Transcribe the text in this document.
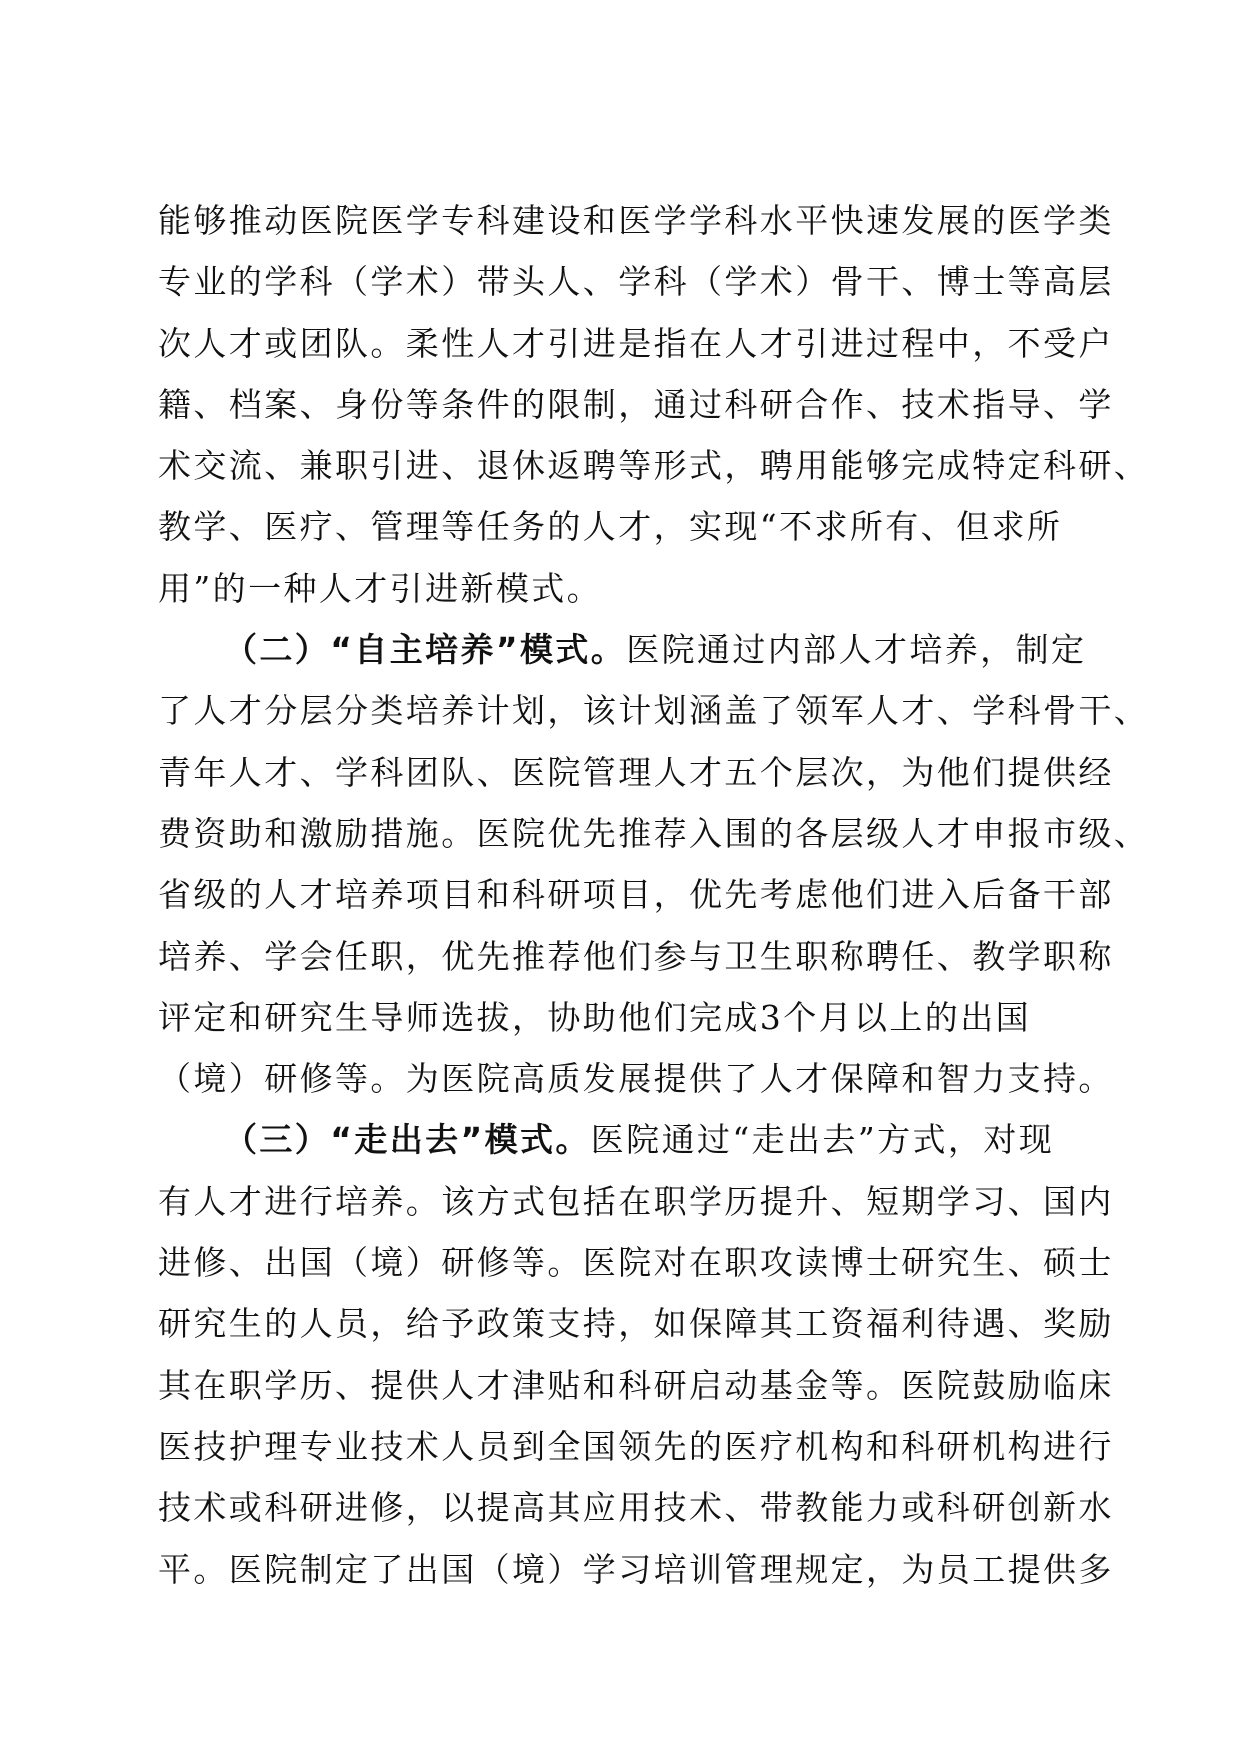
能够推动医院医学专科建设和医学学科水平快速发展的医学类
专业的学科（学术）带头人、学科（学术）骨干、博士等高层
次人才或团队。柔性人才引进是指在人才引进过程中，不受户
籍、档案、身份等条件的限制，通过科研合作、技术指导、学
术交流、兼职引进、退休返聘等形式，聘用能够完成特定科研、
教学、医疗、管理等任务的人才，实现“不求所有、但求所
用”的一种人才引进新模式。
（二）“自主培养”模式。医院通过内部人才培养，制定
了人才分层分类培养计划，该计划涵盖了领军人才、学科骨干、
青年人才、学科团队、医院管理人才五个层次，为他们提供经
费资助和激励措施。医院优先推荐入围的各层级人才申报市级、
省级的人才培养项目和科研项目，优先考虑他们进入后备干部
培养、学会任职，优先推荐他们参与卫生职称聘任、教学职称
评定和研究生导师选拔，协助他们完成3个月以上的出国
（境）研修等。为医院高质发展提供了人才保障和智力支持。
（三）“走出去”模式。医院通过“走出去”方式，对现
有人才进行培养。该方式包括在职学历提升、短期学习、国内
进修、出国（境）研修等。医院对在职攻读博士研究生、硕士
研究生的人员，给予政策支持，如保障其工资福利待遇、奖励
其在职学历、提供人才津贴和科研启动基金等。医院鼓励临床
医技护理专业技术人员到全国领先的医疗机构和科研机构进行
技术或科研进修，以提高其应用技术、带教能力或科研创新水
平。医院制定了出国（境）学习培训管理规定，为员工提供多
